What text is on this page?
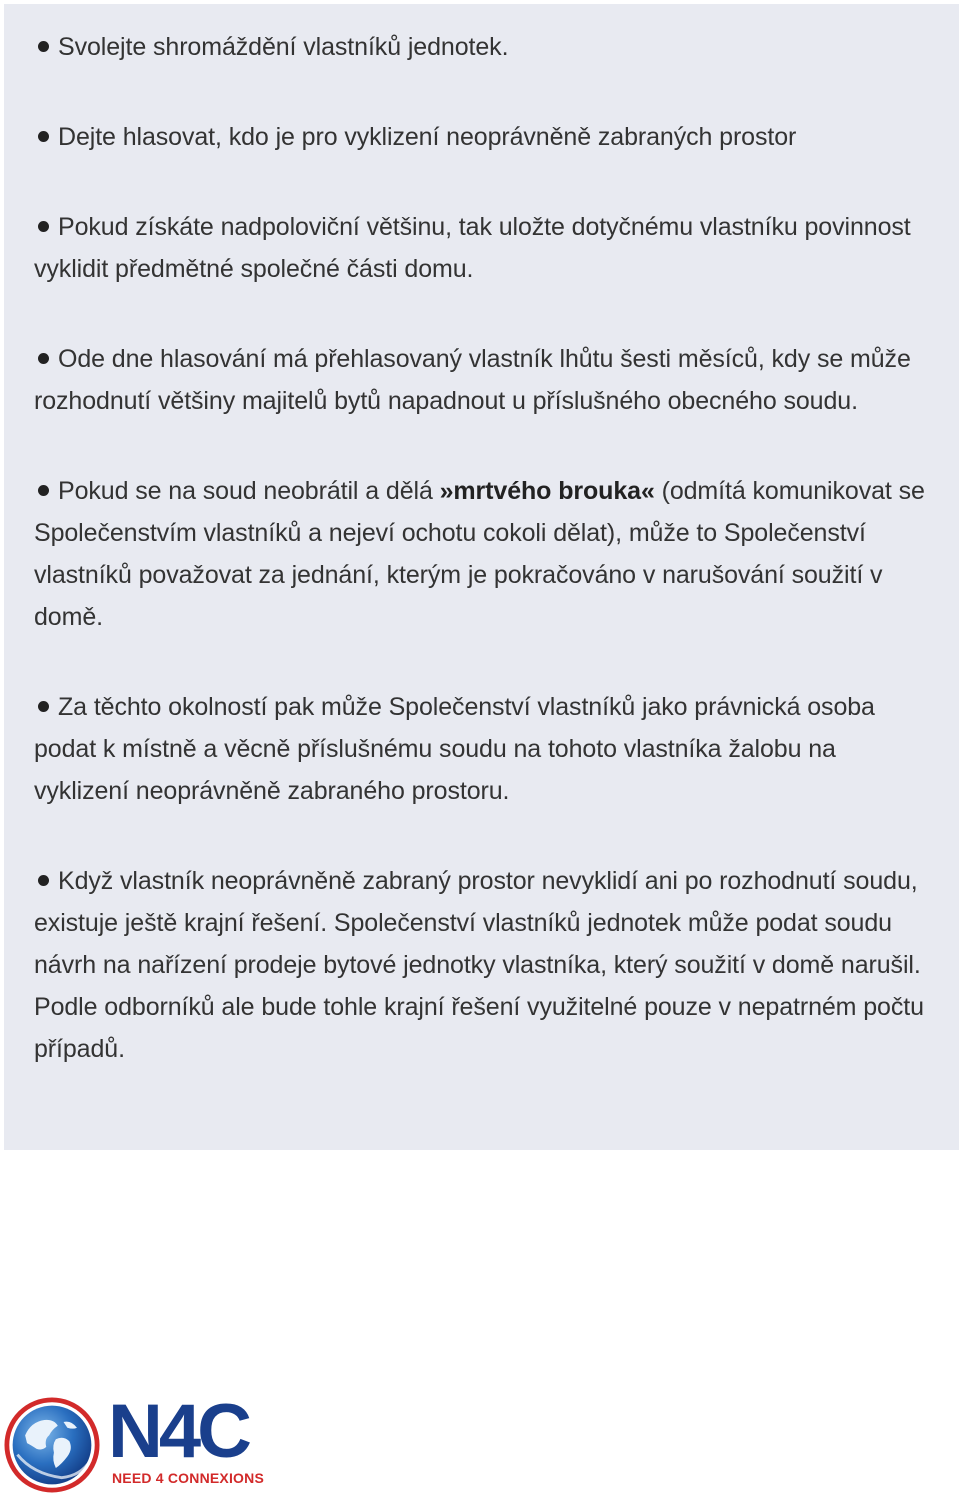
Svolejte shromáždění vlastníků jednotek.

Dejte hlasovat, kdo je pro vyklizení neoprávněně zabraných prostor

Pokud získáte nadpoloviční většinu, tak uložte dotyčnému vlastníku povinnost vyklidit předmětné společné části domu.

Ode dne hlasování má přehlasovaný vlastník lhůtu šesti měsíců, kdy se může rozhodnutí většiny majitelů bytů napadnout u příslušného obecného soudu.

Pokud se na soud neobrátil a dělá »mrtvého brouka« (odmítá komunikovat se Společenstvím vlastníků a nejeví ochotu cokoli dělat), může to Společenství vlastníků považovat za jednání, kterým je pokračováno v narušování soužití v domě.

Za těchto okolností pak může Společenství vlastníků jako právnická osoba podat k místně a věcně příslušnému soudu na tohoto vlastníka žalobu na vyklizení neoprávněně zabraného prostoru.

Když vlastník neoprávněně zabraný prostor nevyklidí ani po rozhodnutí soudu, existuje ještě krajní řešení. Společenství vlastníků jednotek může podat soudu návrh na nařízení prodeje bytové jednotky vlastníka, který soužití v domě narušil. Podle odborníků ale bude tohle krajní řešení využitelné pouze v nepatrném počtu případů.

N4C
NEED 4 CONNEXIONS
